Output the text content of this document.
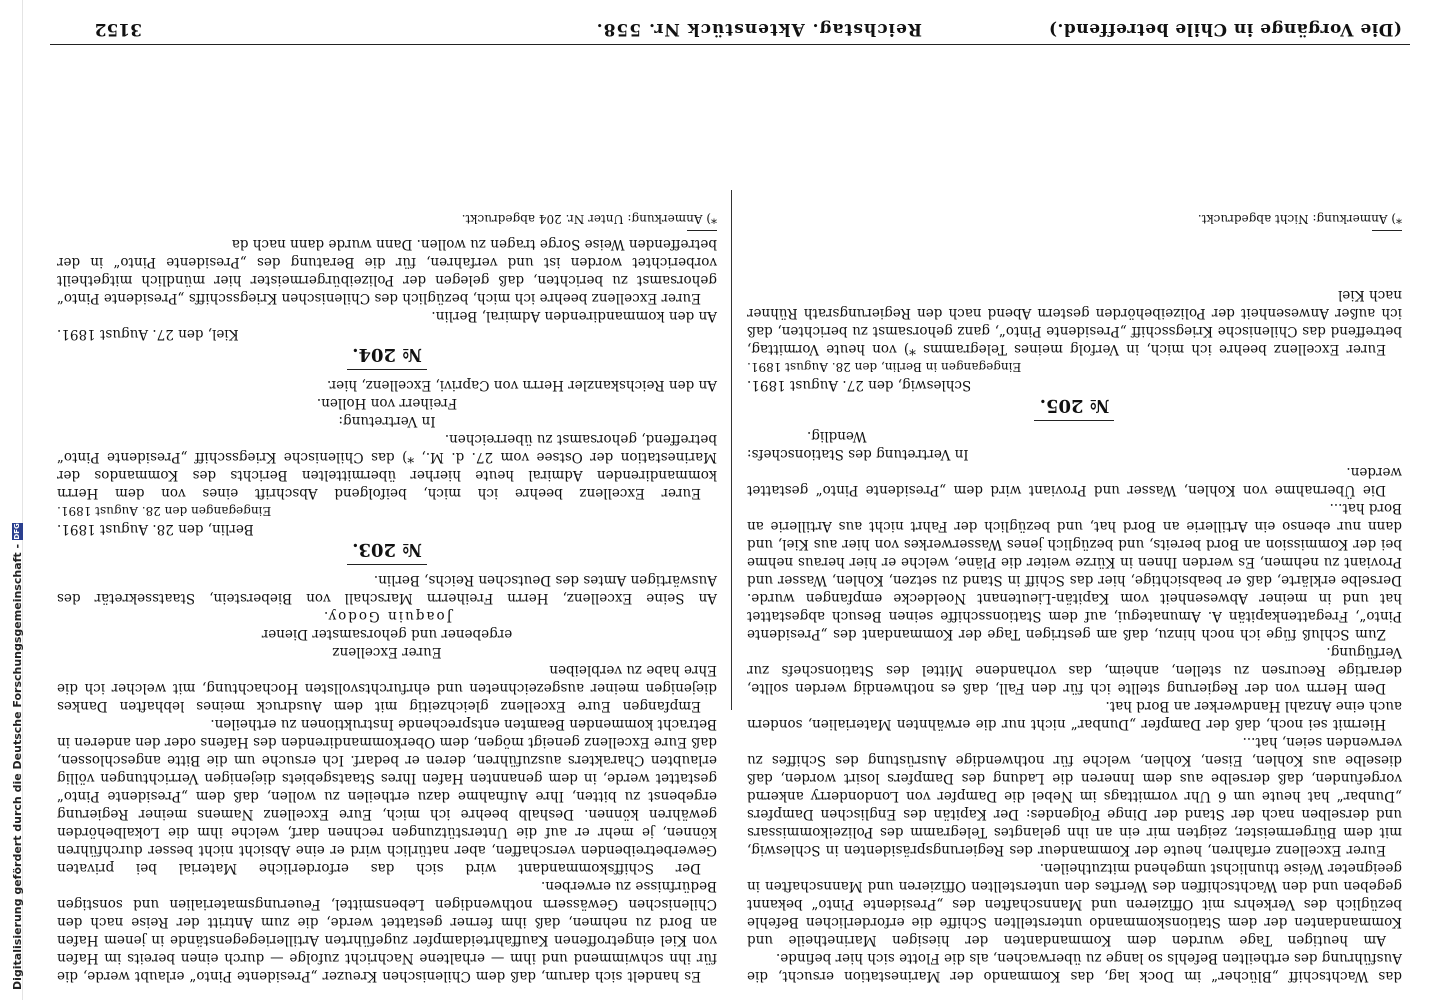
Digitalisierung gefördert durch die Deutsche Forschungsgemeinschaft -
DFG
3152	Reichstag. Aktenstück Nr. 558.	(Die Vorgänge in Chile betreffend.)

Es handelt sich darum, daß dem Chilenischen Kreuzer „Presidente Pinto“ erlaubt werde, die für ihn schwimmend und ihm — erhaltene Nachricht zufolge — durch einen bereits im Hafen von Kiel eingetroffenen Kauffahrteidampfer zugeführten Artilleriegegenstände in jenem Hafen an Bord zu nehmen, daß ihm ferner gestattet werde, die zum Antritt der Reise nach den Chilenischen Gewässern nothwendigen Lebensmittel, Feuerungsmaterialien und sonstigen Bedürfnisse zu erwerben.

Der Schiffskommandant wird sich das erforderliche Material bei privaten Gewerbetreibenden verschaffen, aber natürlich wird er eine Absicht nicht besser durchführen können, je mehr er auf die Unterstützungen rechnen darf, welche ihm die Lokalbehörden gewähren können. Deshalb beehre ich mich, Eure Excellenz Namens meiner Regierung ergebenst zu bitten, Ihre Aufnahme dazu ertheilen zu wollen, daß dem „Presidente Pinto“ gestattet werde, in dem genannten Hafen Ihres Staatsgebiets diejenigen Verrichtungen völlig erlaubten Charakters auszuführen, deren er bedarf. Ich ersuche um die Bitte angeschlossen, daß Eure Excellenz geneigt mögen, dem Oberkommandirenden des Hafens oder den anderen in Betracht kommenden Beamten entsprechende Instruktionen zu ertheilen.

Empfangen Eure Excellenz gleichzeitig mit dem Ausdruck meines lebhaften Dankes diejenigen meiner ausgezeichneten und ehrfurchtsvollsten Hochachtung, mit welcher ich die Ehre habe zu verbleiben

Eurer Excellenz
ergebener und gehorsamster Diener
Joaquin Godoy.

An Seine Excellenz, Herrn Freiherrn Marschall von Bieberstein, Staatssekretär des Auswärtigen Amtes des Deutschen Reichs, Berlin.

№ 203.
Berlin, den 28. August 1891.
Eingegangen den 28. August 1891.

Eurer Excellenz beehre ich mich, beifolgend Abschrift eines von dem Herrn kommandirenden Admiral heute hierher übermittelten Berichts des Kommandos der Marinestation der Ostsee vom 27. d. M., *) das Chilenische Kriegsschiff „Presidente Pinto“ betreffend, gehorsamst zu überreichen.

In Vertretung:
Freiherr von Hollen.

An den Reichskanzler Herrn von Caprivi, Excellenz, hier.

№ 204.
Kiel, den 27. August 1891.

An den kommandirenden Admiral, Berlin.

Eurer Excellenz beehre ich mich, bezüglich des Chilenischen Kriegsschiffs „Presidente Pinto“ gehorsamst zu berichten, daß gelegen der Polizeibürgermeister hier mündlich mitgetheilt vorberichtet worden ist und verfahren, für die Beratung des „Presidente Pinto“ in der betreffenden Weise Sorge tragen zu wollen. Dann wurde dann nach da

*) Anmerkung: Unter Nr. 204 abgedruckt.

das Wachtschiff „Blücher“ im Dock lag, das Kommando der Marinestation ersucht, die Ausführung des ertheilten Befehls so lange zu überwachen, als die Flotte sich hier befinde.

Am heutigen Tage wurden dem Kommandanten der hiesigen Marinetheile und Kommandanten der dem Stationskommando unterstellten Schiffe die erforderlichen Befehle bezüglich des Verkehrs mit Offizieren und Mannschaften des „Presidente Pinto“ bekannt gegeben und den Wachtschiffen des Werftes den unterstellten Offizieren und Mannschaften in geeigneter Weise thunlichst umgehend mitzutheilen.

Eurer Excellenz erfahren, heute der Kommandeur des Regierungspräsidenten in Schleswig, mit dem Bürgermeister, zeigten mir ein an ihn gelangtes Telegramm des Polizeikommissars und derselben nach der Stand der Dinge Folgendes: Der Kapitän des Englischen Dampfers „Dunbar“ hat heute um 6 Uhr vormittags im Nebel die Dampfer von Londonderry ankernd vorgefunden, daß derselbe aus dem Inneren die Ladung des Dampfers losirt worden, daß dieselbe aus Kohlen, Eisen, Kohlen, welche für nothwendige Ausrüstung des Schiffes zu verwenden seien, hat...

Hiermit sei noch, daß der Dampfer „Dunbar“ nicht nur die erwähnten Materialien, sondern auch eine Anzahl Handwerker an Bord hat.

Dem Herrn von der Regierung stellte ich für den Fall, daß es nothwendig werden sollte, derartige Recursen zu stellen, anheim, das vorhandene Mittel des Stationschefs zur Verfügung.

Zum Schluß füge ich noch hinzu, daß am gestrigen Tage der Kommandant des „Presidente Pinto“, Fregattenkapitän A. Amunategui, auf dem Stationsschiffe seinen Besuch abgestattet hat und in meiner Abwesenheit vom Kapitän-Lieutenant Noeldecke empfangen wurde. Derselbe erklärte, daß er beabsichtige, hier das Schiff in Stand zu setzen, Kohlen, Wasser und Proviant zu nehmen, Es werden Ihnen in Kürze weiter die Pläne, welche er hier heraus nehme bei der Kommission an Bord bereits, und bezüglich jenes Wasserwerkes von hier aus Kiel, und dann nur ebenso ein Artillerie an Bord hat, und bezüglich der Fahrt nicht aus Artillerie an Bord hat...

Die Übernahme von Kohlen, Wasser und Proviant wird dem „Presidente Pinto“ gestattet werden.

In Vertretung des Stationschefs:
Wendlig.
№ 205.
Schleswig, den 27. August 1891.
Eingegangen in Berlin, den 28. August 1891.

Eurer Excellenz beehre ich mich, in Verfolg meines Telegramms *) von heute Vormittag, betreffend das Chilenische Kriegsschiff „Presidente Pinto“, ganz gehorsamst zu berichten, daß ich außer Anwesenheit der Polizeibehörden gestern Abend nach den Regierungsrath Rühner nach Kiel

*) Anmerkung: Nicht abgedruckt.
